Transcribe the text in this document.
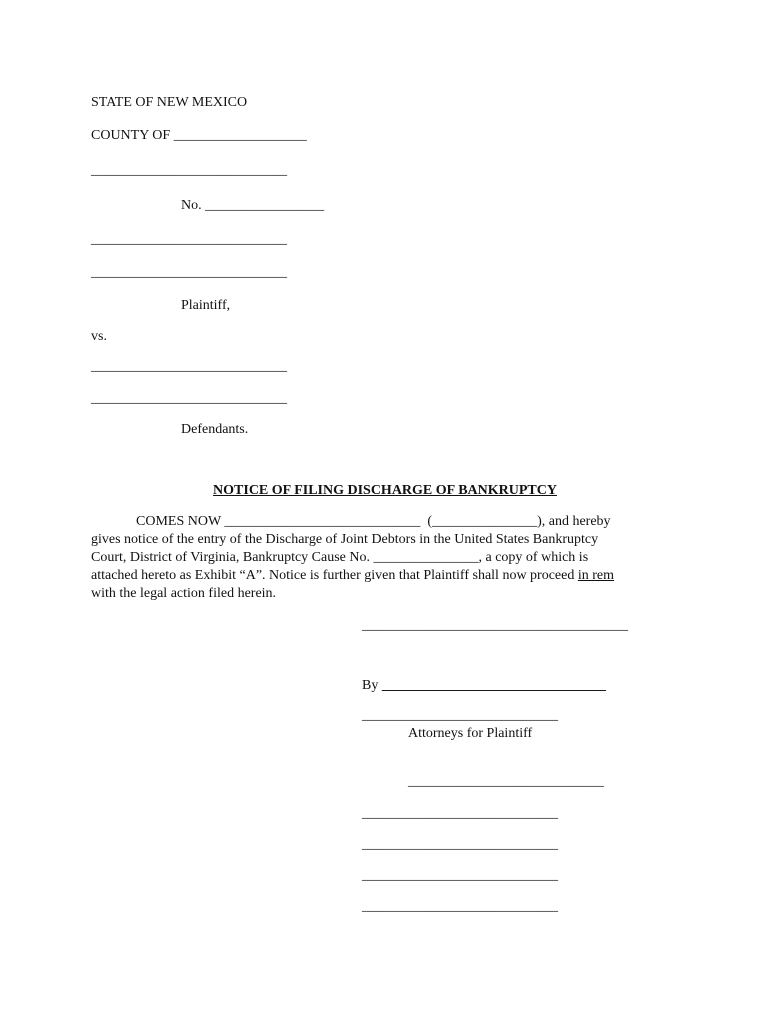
STATE OF NEW MEXICO
COUNTY OF ___________________
____________________________
No. _________________
____________________________
____________________________
Plaintiff,
vs.
____________________________
____________________________
Defendants.
NOTICE OF FILING DISCHARGE OF BANKRUPTCY
COMES NOW ____________________________  (_______________), and hereby
gives notice of the entry of the Discharge of Joint Debtors in the United States Bankruptcy
Court, District of Virginia, Bankruptcy Cause No. _______________, a copy of which is
attached hereto as Exhibit “A”. Notice is further given that Plaintiff shall now proceed in rem
with the legal action filed herein.
______________________________________
By ________________________________
____________________________
Attorneys for Plaintiff
____________________________
____________________________
____________________________
____________________________
____________________________
